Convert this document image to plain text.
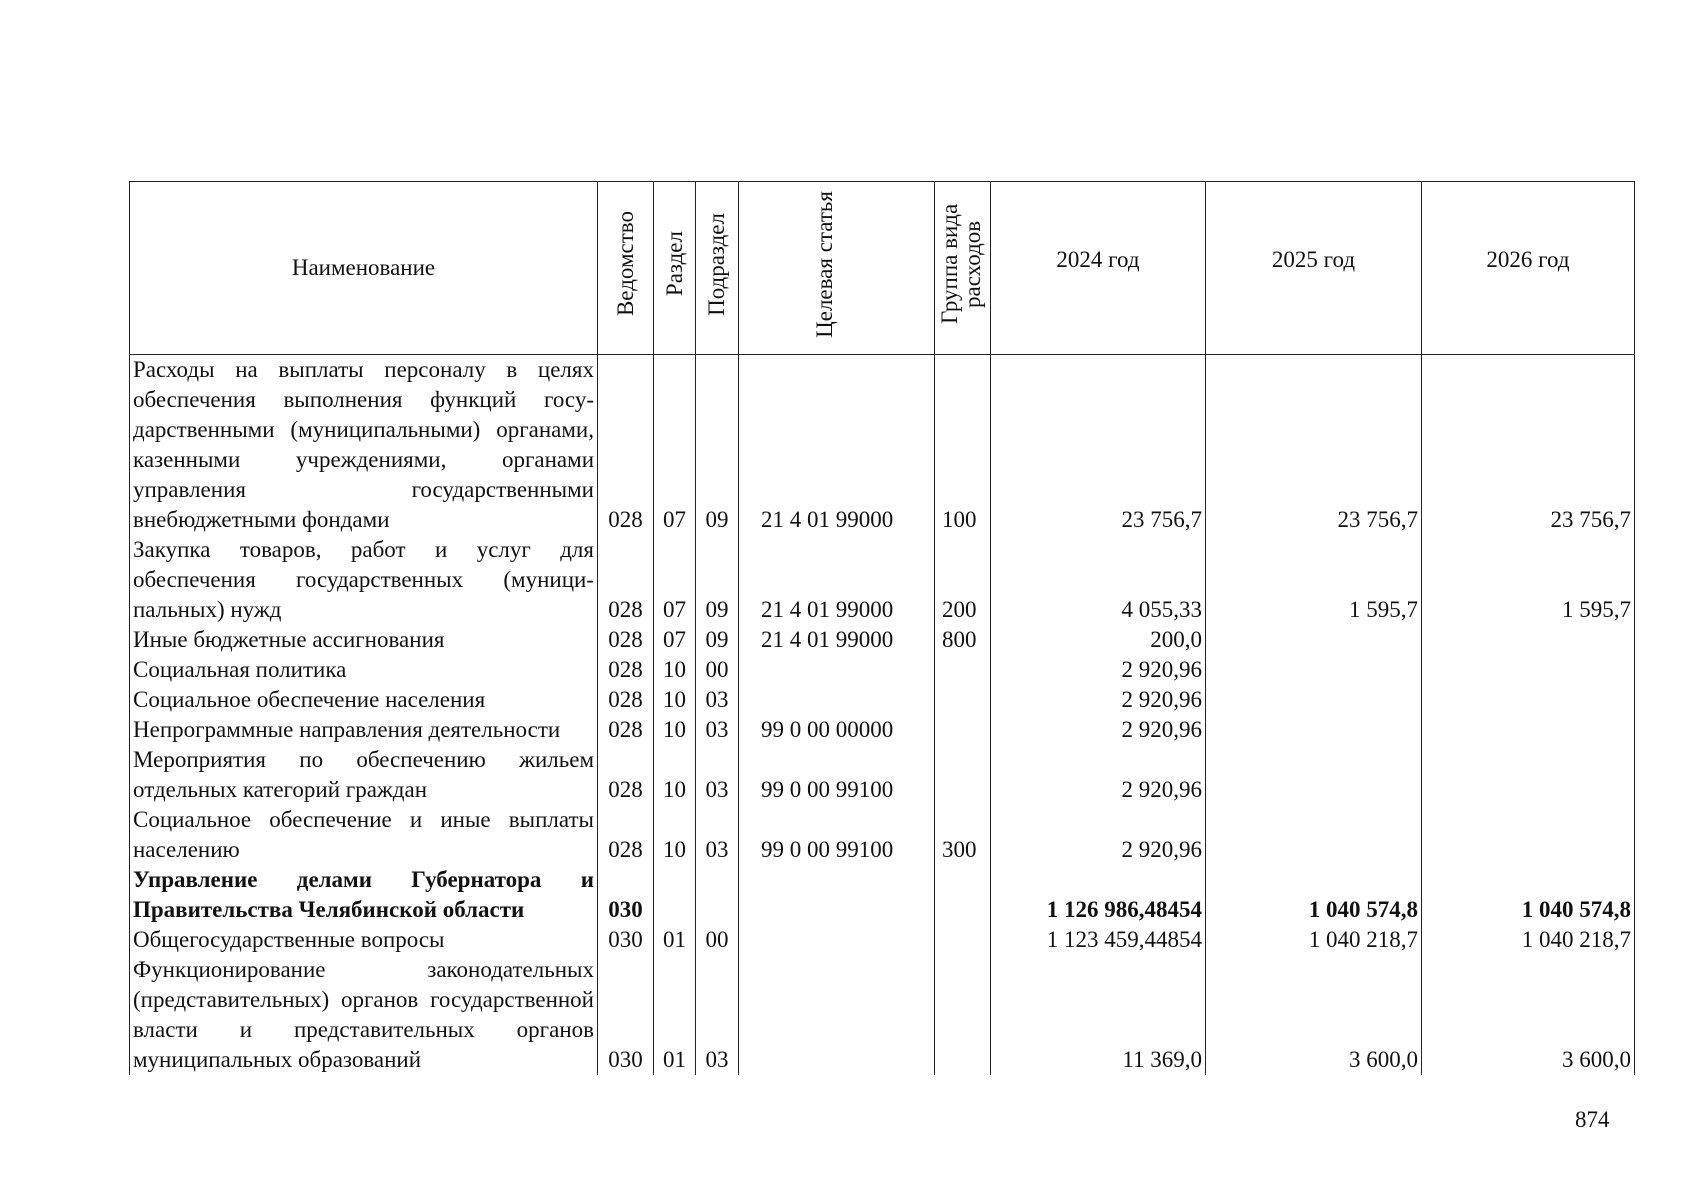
Наименование	Ведомство	Раздел	Подраздел	Целевая статья	Группа вида расходов	2024 год	2025 год	2026 год
Расходы на выплаты персоналу в целях обеспечения выполнения функций государственными (муниципальными) органами, казенными учреждениями, органами управления государственными внебюджетными фондами	028	07	09	21 4 01 99000	100	23 756,7	23 756,7	23 756,7
Закупка товаров, работ и услуг для обеспечения государственных (муниципальных) нужд	028	07	09	21 4 01 99000	200	4 055,33	1 595,7	1 595,7
Иные бюджетные ассигнования	028	07	09	21 4 01 99000	800	200,0		
Социальная политика	028	10	00			2 920,96		
Социальное обеспечение населения	028	10	03			2 920,96		
Непрограммные направления деятельности	028	10	03	99 0 00 00000		2 920,96		
Мероприятия по обеспечению жильем отдельных категорий граждан	028	10	03	99 0 00 99100		2 920,96		
Социальное обеспечение и иные выплаты населению	028	10	03	99 0 00 99100	300	2 920,96		
Управление делами Губернатора и Правительства Челябинской области	030					1 126 986,48454	1 040 574,8	1 040 574,8
Общегосударственные вопросы	030	01	00			1 123 459,44854	1 040 218,7	1 040 218,7
Функционирование законодательных (представительных) органов государственной власти и представительных органов муниципальных образований	030	01	03			11 369,0	3 600,0	3 600,0
874
